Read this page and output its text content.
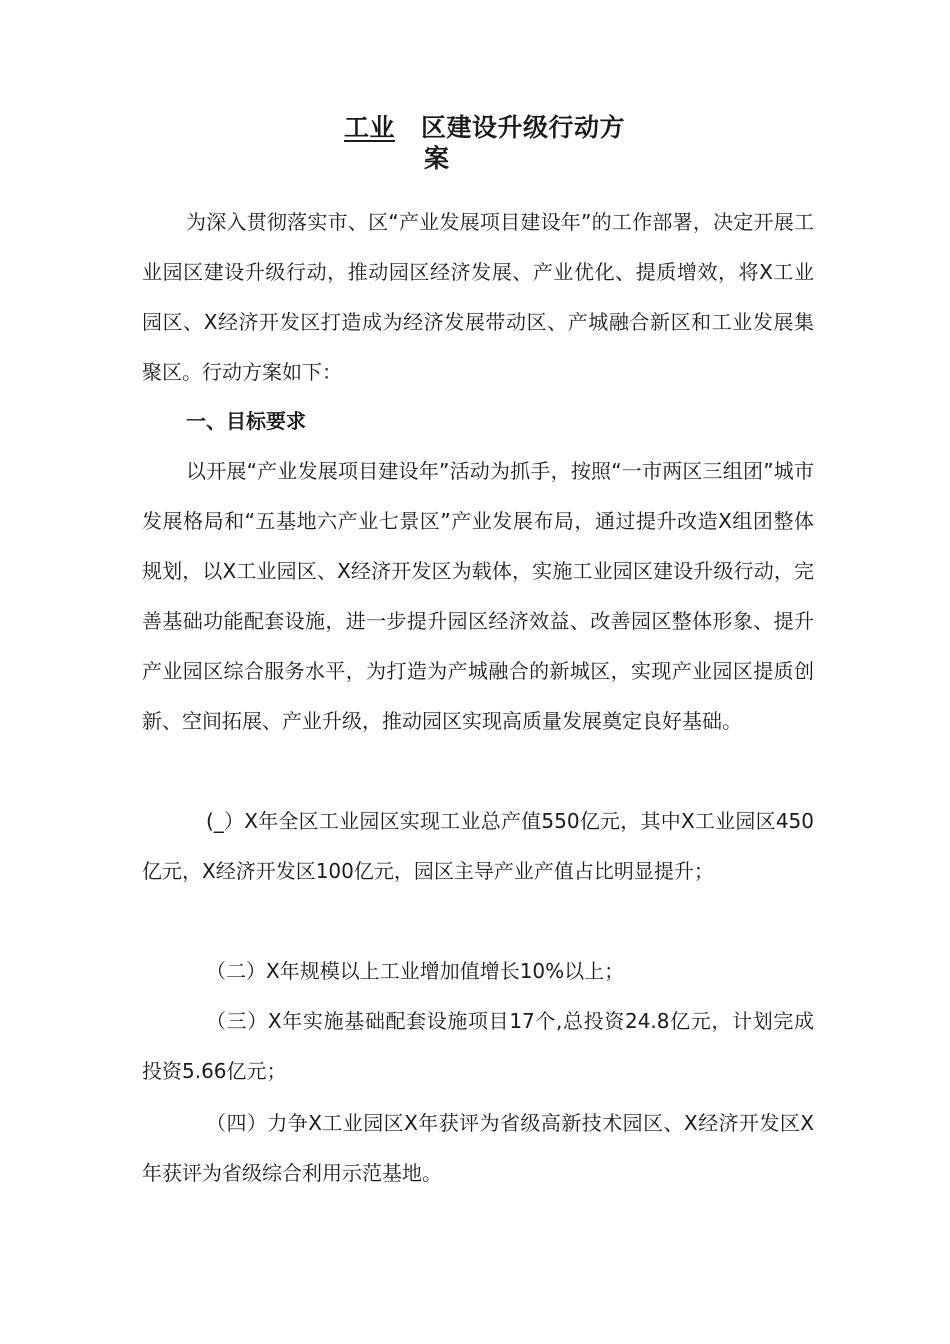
工业 区建设升级行动方
案

为深入贯彻落实市、区“产业发展项目建设年”的工作部署，决定开展工业园区建设升级行动，推动园区经济发展、产业优化、提质增效，将X工业园区、X经济开发区打造成为经济发展带动区、产城融合新区和工业发展集聚区。行动方案如下：

一、目标要求

以开展“产业发展项目建设年”活动为抓手，按照“一市两区三组团”城市发展格局和“五基地六产业七景区”产业发展布局，通过提升改造X组团整体规划，以X工业园区、X经济开发区为载体，实施工业园区建设升级行动，完善基础功能配套设施，进一步提升园区经济效益、改善园区整体形象、提升产业园区综合服务水平，为打造为产城融合的新城区，实现产业园区提质创新、空间拓展、产业升级，推动园区实现高质量发展奠定良好基础。

(_）X年全区工业园区实现工业总产值550亿元，其中X工业园区450亿元，X经济开发区100亿元，园区主导产业产值占比明显提升；

（二）X年规模以上工业增加值增长10%以上；

（三）X年实施基础配套设施项目17个,总投资24.8亿元，计划完成投资5.66亿元；

（四）力争X工业园区X年获评为省级高新技术园区、X经济开发区X年获评为省级综合利用示范基地。
